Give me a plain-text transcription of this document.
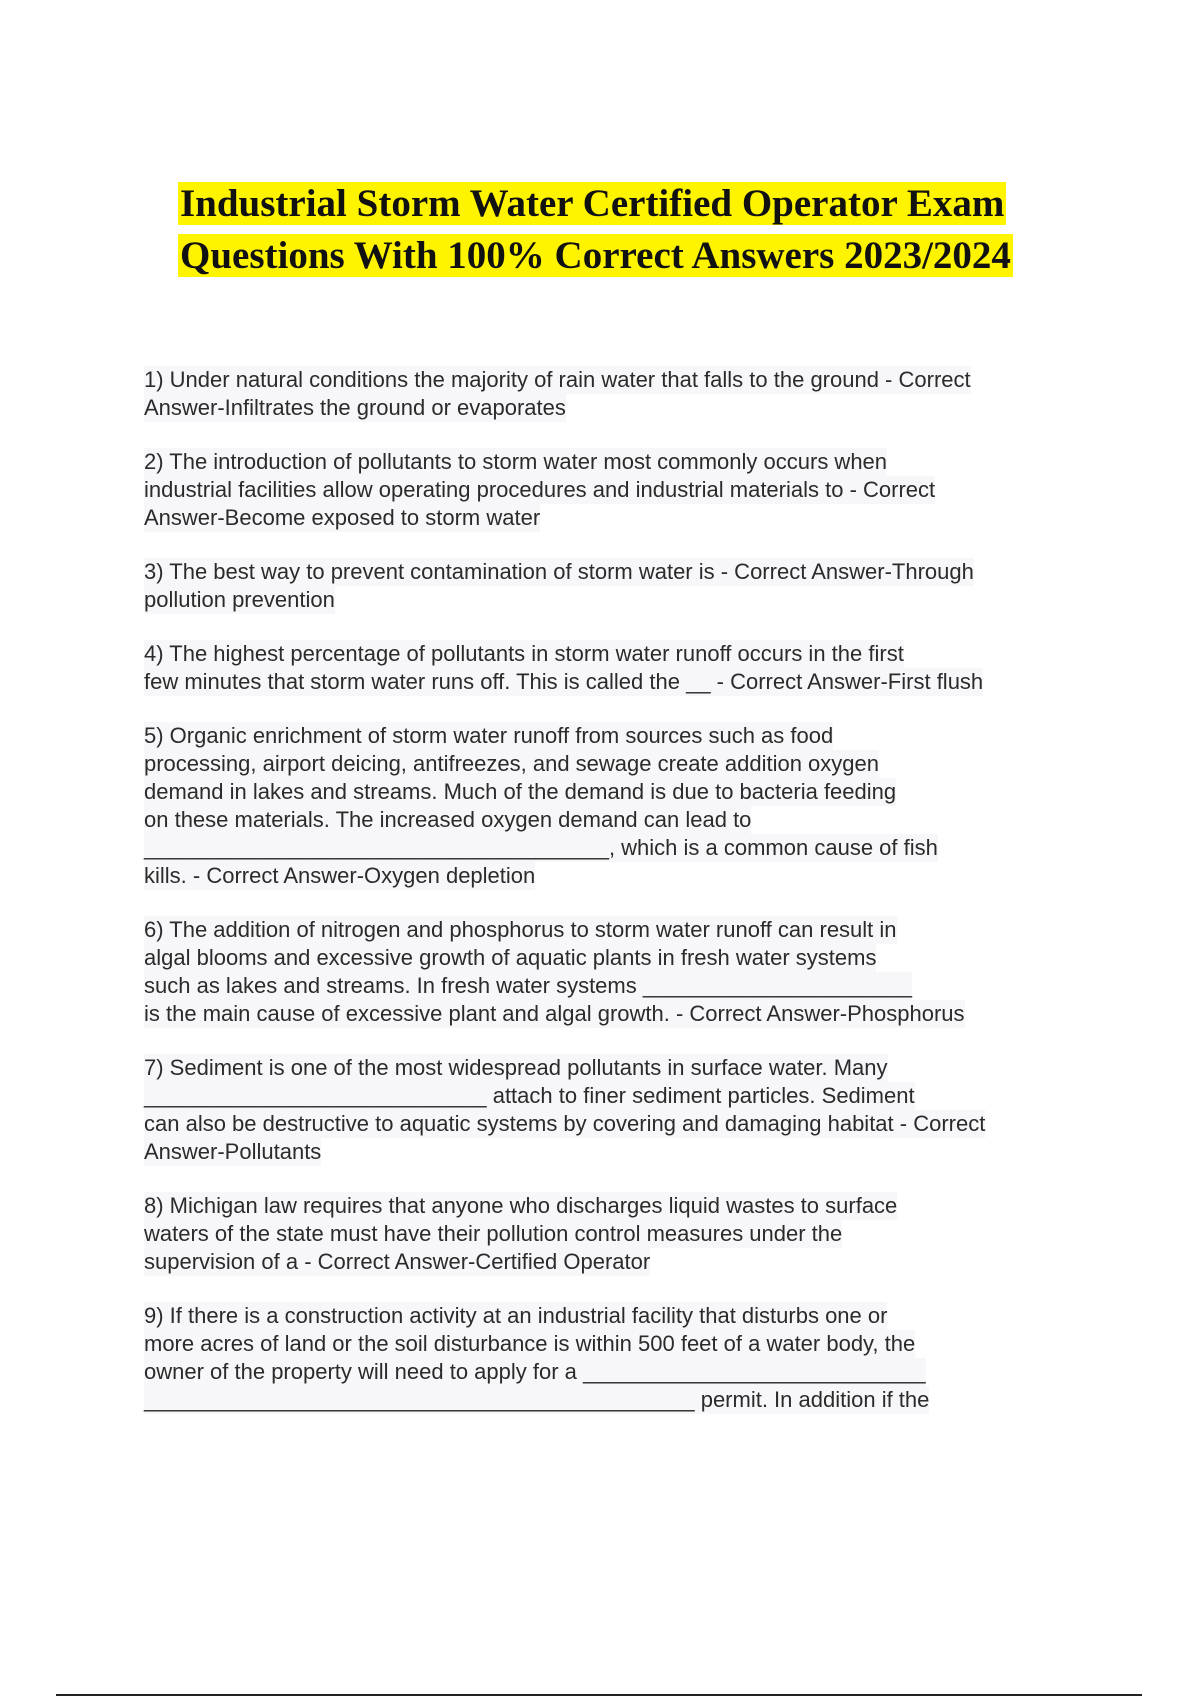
Industrial Storm Water Certified Operator Exam
Questions With 100% Correct Answers 2023/2024
1) Under natural conditions the majority of rain water that falls to the ground - Correct
Answer-Infiltrates the ground or evaporates
2) The introduction of pollutants to storm water most commonly occurs when
industrial facilities allow operating procedures and industrial materials to - Correct
Answer-Become exposed to storm water
3) The best way to prevent contamination of storm water is - Correct Answer-Through
pollution prevention
4) The highest percentage of pollutants in storm water runoff occurs in the first
few minutes that storm water runs off. This is called the __ - Correct Answer-First flush
5) Organic enrichment of storm water runoff from sources such as food
processing, airport deicing, antifreezes, and sewage create addition oxygen
demand in lakes and streams. Much of the demand is due to bacteria feeding
on these materials. The increased oxygen demand can lead to
______________________________________, which is a common cause of fish
kills. - Correct Answer-Oxygen depletion
6) The addition of nitrogen and phosphorus to storm water runoff can result in
algal blooms and excessive growth of aquatic plants in fresh water systems
such as lakes and streams. In fresh water systems ______________________
is the main cause of excessive plant and algal growth. - Correct Answer-Phosphorus
7) Sediment is one of the most widespread pollutants in surface water. Many
____________________________ attach to finer sediment particles. Sediment
can also be destructive to aquatic systems by covering and damaging habitat - Correct
Answer-Pollutants
8) Michigan law requires that anyone who discharges liquid wastes to surface
waters of the state must have their pollution control measures under the
supervision of a - Correct Answer-Certified Operator
9) If there is a construction activity at an industrial facility that disturbs one or
more acres of land or the soil disturbance is within 500 feet of a water body, the
owner of the property will need to apply for a ____________________________
_____________________________________________ permit. In addition if the
